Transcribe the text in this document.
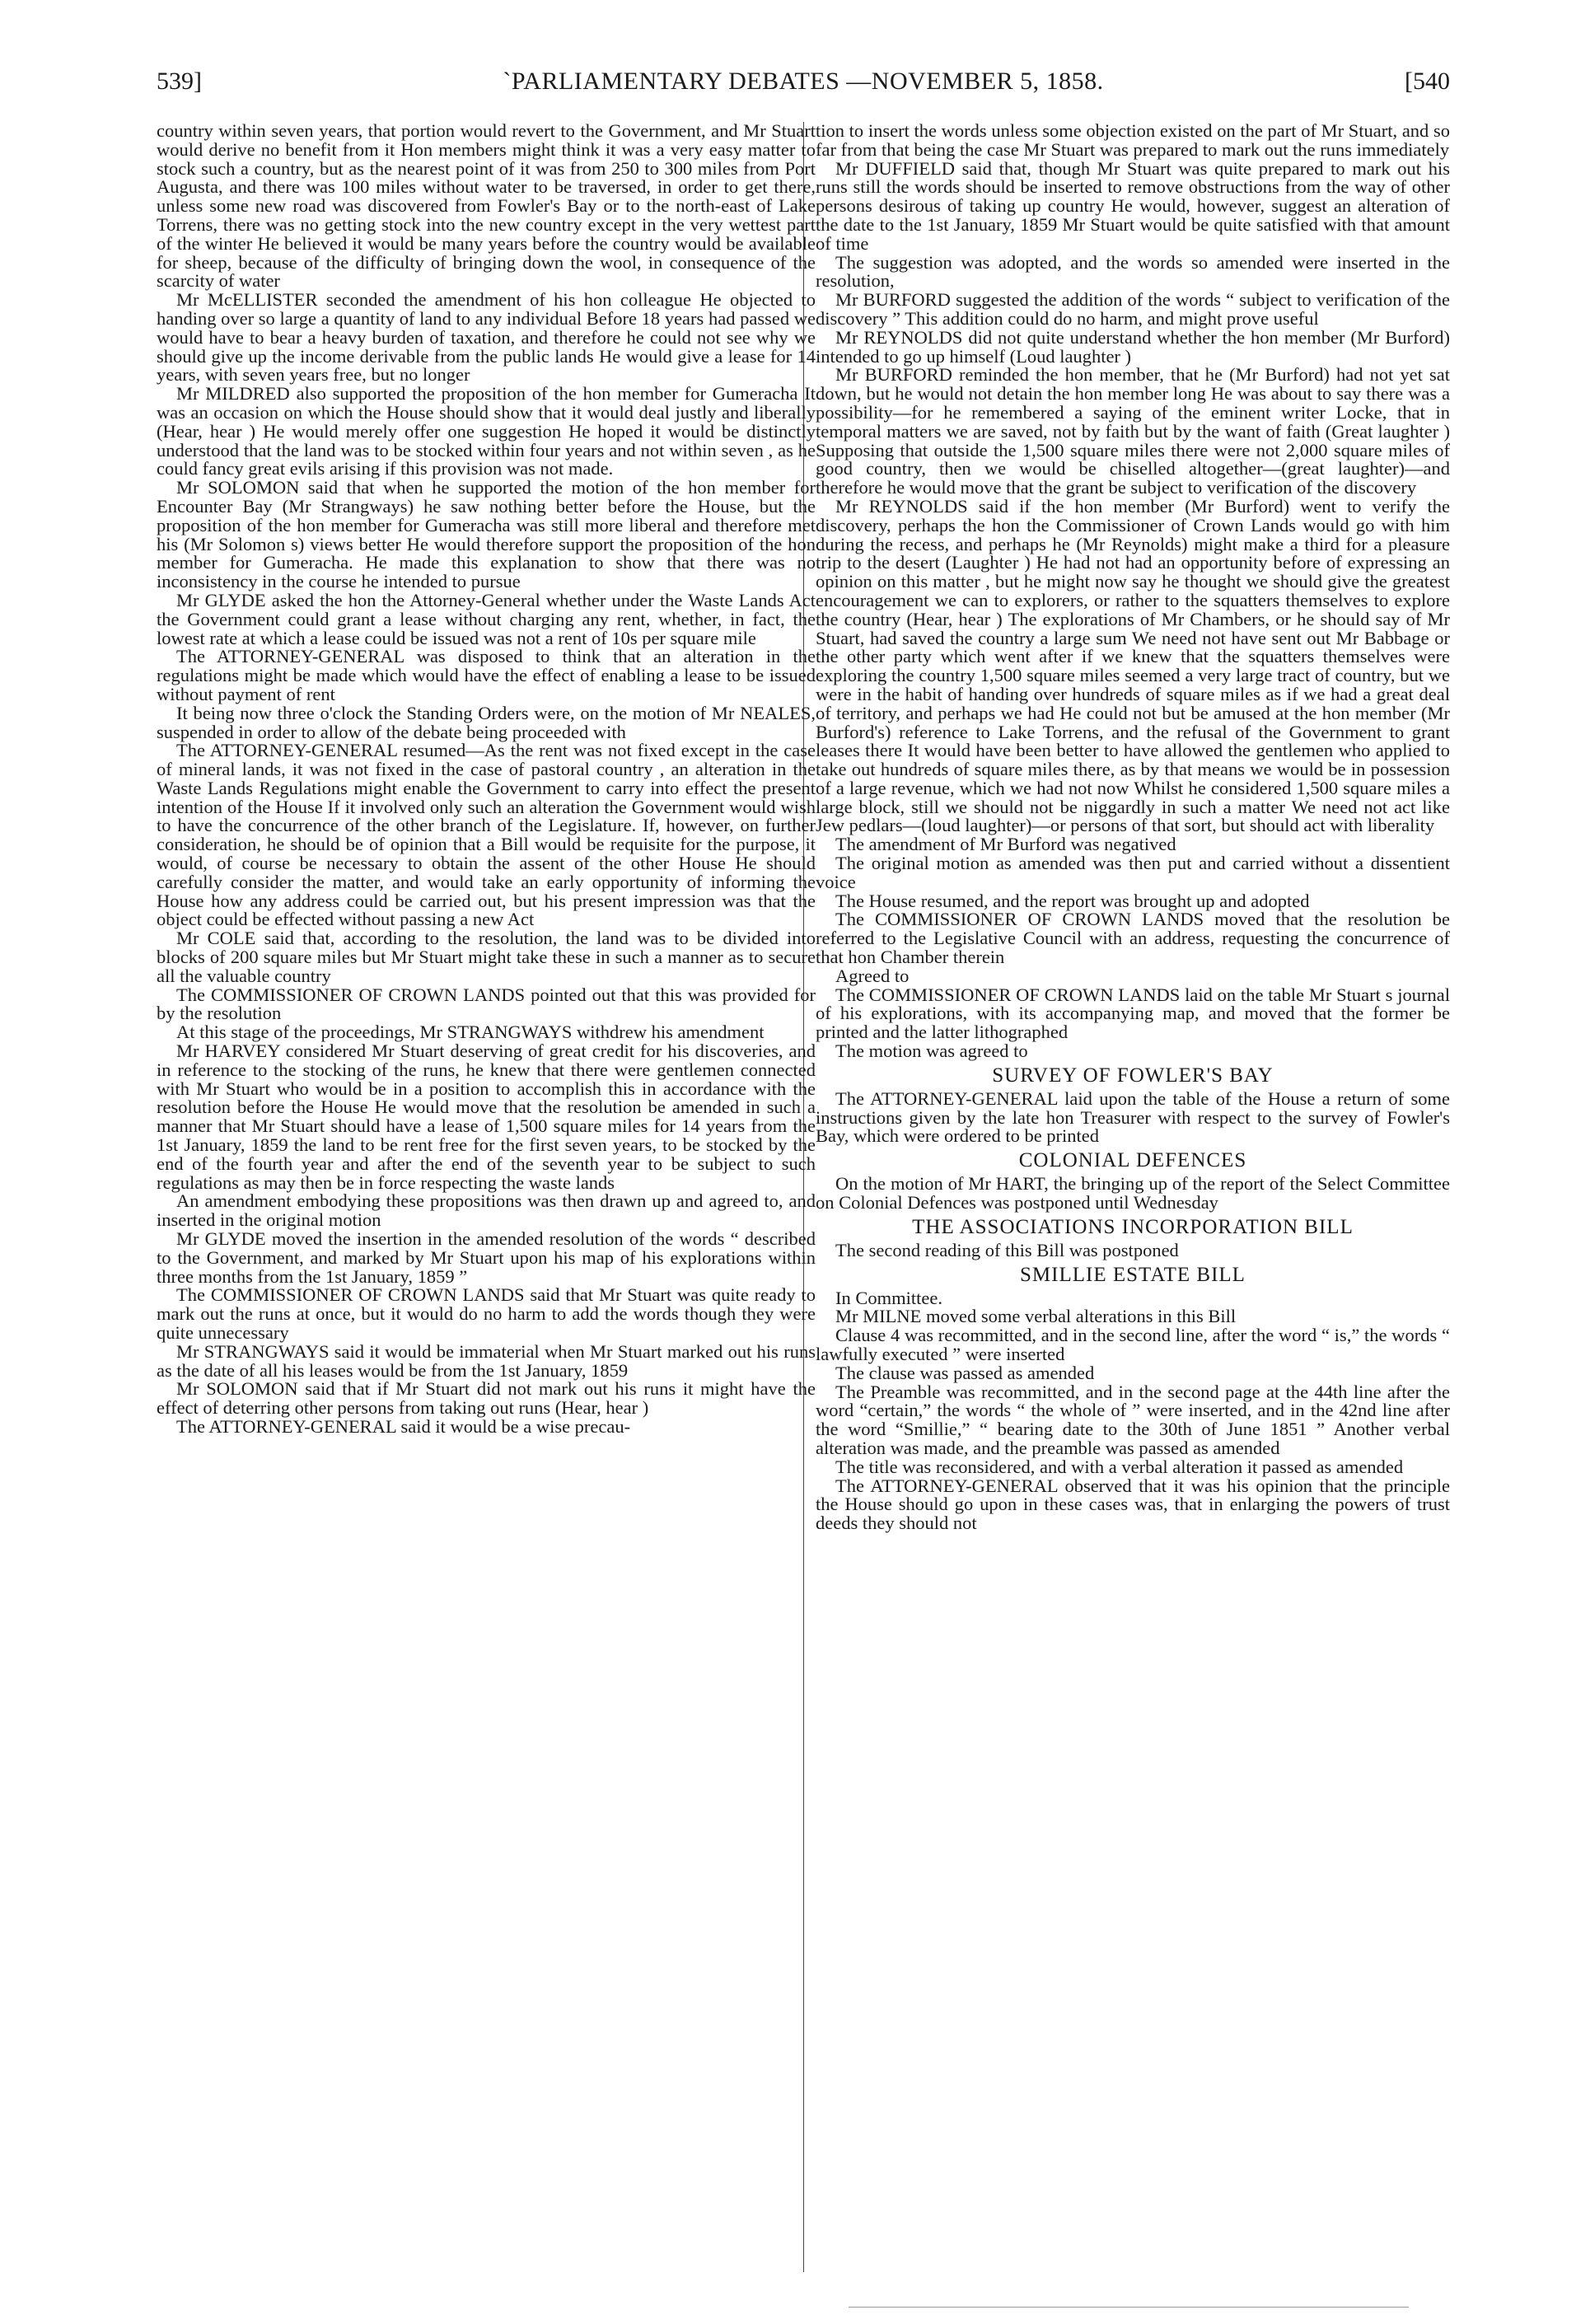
539]	`PARLIAMENTARY DEBATES —NOVEMBER 5, 1858.	[540

country within seven years, that portion would revert to the Government, and Mr Stuart would derive no benefit from it Hon members might think it was a very easy matter to stock such a country, but as the nearest point of it was from 250 to 300 miles from Port Augusta, and there was 100 miles without water to be traversed, in order to get there, unless some new road was discovered from Fowler's Bay or to the north-east of Lake Torrens, there was no getting stock into the new country except in the very wettest part of the winter He believed it would be many years before the country would be available for sheep, because of the difficulty of bringing down the wool, in consequence of the scarcity of water

Mr McELLISTER seconded the amendment of his hon colleague He objected to handing over so large a quantity of land to any individual Before 18 years had passed we would have to bear a heavy burden of taxation, and therefore he could not see why we should give up the income derivable from the public lands He would give a lease for 14 years, with seven years free, but no longer

Mr MILDRED also supported the proposition of the hon member for Gumeracha It was an occasion on which the House should show that it would deal justly and liberally (Hear, hear ) He would merely offer one suggestion He hoped it would be distinctly understood that the land was to be stocked within four years and not within seven , as he could fancy great evils arising if this provision was not made.

Mr SOLOMON said that when he supported the motion of the hon member for Encounter Bay (Mr Strangways) he saw nothing better before the House, but the proposition of the hon member for Gumeracha was still more liberal and therefore met his (Mr Solomon s) views better He would therefore support the proposition of the hon member for Gumeracha. He made this explanation to show that there was no inconsistency in the course he intended to pursue

Mr GLYDE asked the hon the Attorney-General whether under the Waste Lands Act the Government could grant a lease without charging any rent, whether, in fact, the lowest rate at which a lease could be issued was not a rent of 10s per square mile

The ATTORNEY-GENERAL was disposed to think that an alteration in the regulations might be made which would have the effect of enabling a lease to be issued without payment of rent

It being now three o'clock the Standing Orders were, on the motion of Mr NEALES, suspended in order to allow of the debate being proceeded with

The ATTORNEY-GENERAL resumed—As the rent was not fixed except in the case of mineral lands, it was not fixed in the case of pastoral country , an alteration in the Waste Lands Regulations might enable the Government to carry into effect the present intention of the House If it involved only such an alteration the Government would wish to have the concurrence of the other branch of the Legislature. If, however, on further consideration, he should be of opinion that a Bill would be requisite for the purpose, it would, of course be necessary to obtain the assent of the other House He should carefully consider the matter, and would take an early opportunity of informing the House how any address could be carried out, but his present impression was that the object could be effected without passing a new Act

Mr COLE said that, according to the resolution, the land was to be divided into blocks of 200 square miles but Mr Stuart might take these in such a manner as to secure all the valuable country

The COMMISSIONER OF CROWN LANDS pointed out that this was provided for by the resolution

At this stage of the proceedings, Mr STRANGWAYS withdrew his amendment

Mr HARVEY considered Mr Stuart deserving of great credit for his discoveries, and in reference to the stocking of the runs, he knew that there were gentlemen connected with Mr Stuart who would be in a position to accomplish this in accordance with the resolution before the House He would move that the resolution be amended in such a manner that Mr Stuart should have a lease of 1,500 square miles for 14 years from the 1st January, 1859 the land to be rent free for the first seven years, to be stocked by the end of the fourth year and after the end of the seventh year to be subject to such regulations as may then be in force respecting the waste lands

An amendment embodying these propositions was then drawn up and agreed to, and inserted in the original motion

Mr GLYDE moved the insertion in the amended resolution of the words “ described to the Government, and marked by Mr Stuart upon his map of his explorations within three months from the 1st January, 1859 ”

The COMMISSIONER OF CROWN LANDS said that Mr Stuart was quite ready to mark out the runs at once, but it would do no harm to add the words though they were quite unnecessary

Mr STRANGWAYS said it would be immaterial when Mr Stuart marked out his runs as the date of all his leases would be from the 1st January, 1859

Mr SOLOMON said that if Mr Stuart did not mark out his runs it might have the effect of deterring other persons from taking out runs (Hear, hear )

The ATTORNEY-GENERAL said it would be a wise precau-

tion to insert the words unless some objection existed on the part of Mr Stuart, and so far from that being the case Mr Stuart was prepared to mark out the runs immediately

Mr DUFFIELD said that, though Mr Stuart was quite prepared to mark out his runs still the words should be inserted to remove obstructions from the way of other persons desirous of taking up country He would, however, suggest an alteration of the date to the 1st January, 1859 Mr Stuart would be quite satisfied with that amount of time

The suggestion was adopted, and the words so amended were inserted in the resolution,

Mr BURFORD suggested the addition of the words “ subject to verification of the discovery ” This addition could do no harm, and might prove useful

Mr REYNOLDS did not quite understand whether the hon member (Mr Burford) intended to go up himself (Loud laughter )

Mr BURFORD reminded the hon member, that he (Mr Burford) had not yet sat down, but he would not detain the hon member long He was about to say there was a possibility—for he remembered a saying of the eminent writer Locke, that in temporal matters we are saved, not by faith but by the want of faith (Great laughter ) Supposing that outside the 1,500 square miles there were not 2,000 square miles of good country, then we would be chiselled altogether—(great laughter)—and therefore he would move that the grant be subject to verification of the discovery

Mr REYNOLDS said if the hon member (Mr Burford) went to verify the discovery, perhaps the hon the Commissioner of Crown Lands would go with him during the recess, and perhaps he (Mr Reynolds) might make a third for a pleasure trip to the desert (Laughter ) He had not had an opportunity before of expressing an opinion on this matter , but he might now say he thought we should give the greatest encouragement we can to explorers, or rather to the squatters themselves to explore the country (Hear, hear ) The explorations of Mr Chambers, or he should say of Mr Stuart, had saved the country a large sum We need not have sent out Mr Babbage or the other party which went after if we knew that the squatters themselves were exploring the country 1,500 square miles seemed a very large tract of country, but we were in the habit of handing over hundreds of square miles as if we had a great deal of territory, and perhaps we had He could not but be amused at the hon member (Mr Burford's) reference to Lake Torrens, and the refusal of the Government to grant leases there It would have been better to have allowed the gentlemen who applied to take out hundreds of square miles there, as by that means we would be in possession of a large revenue, which we had not now Whilst he considered 1,500 square miles a large block, still we should not be niggardly in such a matter We need not act like Jew pedlars—(loud laughter)—or persons of that sort, but should act with liberality

The amendment of Mr Burford was negatived

The original motion as amended was then put and carried without a dissentient voice

The House resumed, and the report was brought up and adopted

The COMMISSIONER OF CROWN LANDS moved that the resolution be referred to the Legislative Council with an address, requesting the concurrence of that hon Chamber therein

Agreed to

The COMMISSIONER OF CROWN LANDS laid on the table Mr Stuart s journal of his explorations, with its accompanying map, and moved that the former be printed and the latter lithographed

The motion was agreed to

SURVEY OF FOWLER'S BAY

The ATTORNEY-GENERAL laid upon the table of the House a return of some instructions given by the late hon Treasurer with respect to the survey of Fowler's Bay, which were ordered to be printed

COLONIAL DEFENCES

On the motion of Mr HART, the bringing up of the report of the Select Committee on Colonial Defences was postponed until Wednesday

THE ASSOCIATIONS INCORPORATION BILL

The second reading of this Bill was postponed

SMILLIE ESTATE BILL

In Committee.

Mr MILNE moved some verbal alterations in this Bill

Clause 4 was recommitted, and in the second line, after the word “ is,” the words “ lawfully executed ” were inserted

The clause was passed as amended

The Preamble was recommitted, and in the second page at the 44th line after the word “certain,” the words “ the whole of ” were inserted, and in the 42nd line after the word “Smillie,” “ bearing date to the 30th of June 1851 ” Another verbal alteration was made, and the preamble was passed as amended

The title was reconsidered, and with a verbal alteration it passed as amended

The ATTORNEY-GENERAL observed that it was his opinion that the principle the House should go upon in these cases was, that in enlarging the powers of trust deeds they should not
